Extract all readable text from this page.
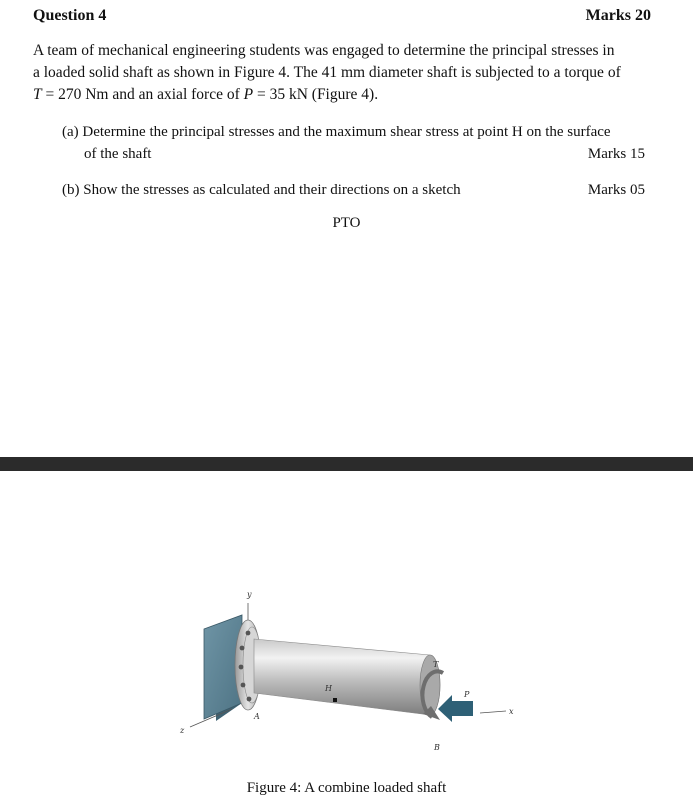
Question 4	Marks 20
A team of mechanical engineering students was engaged to determine the principal stresses in
a loaded solid shaft as shown in Figure 4. The 41 mm diameter shaft is subjected to a torque of
T = 270 Nm and an axial force of P = 35 kN (Figure 4).
(a) Determine the principal stresses and the maximum shear stress at point H on the surface
of the shaft	Marks 15
(b) Show the stresses as calculated and their directions on a sketch	Marks 05
PTO
y
z
A
B
H
T
P
x
Figure 4: A combine loaded shaft
